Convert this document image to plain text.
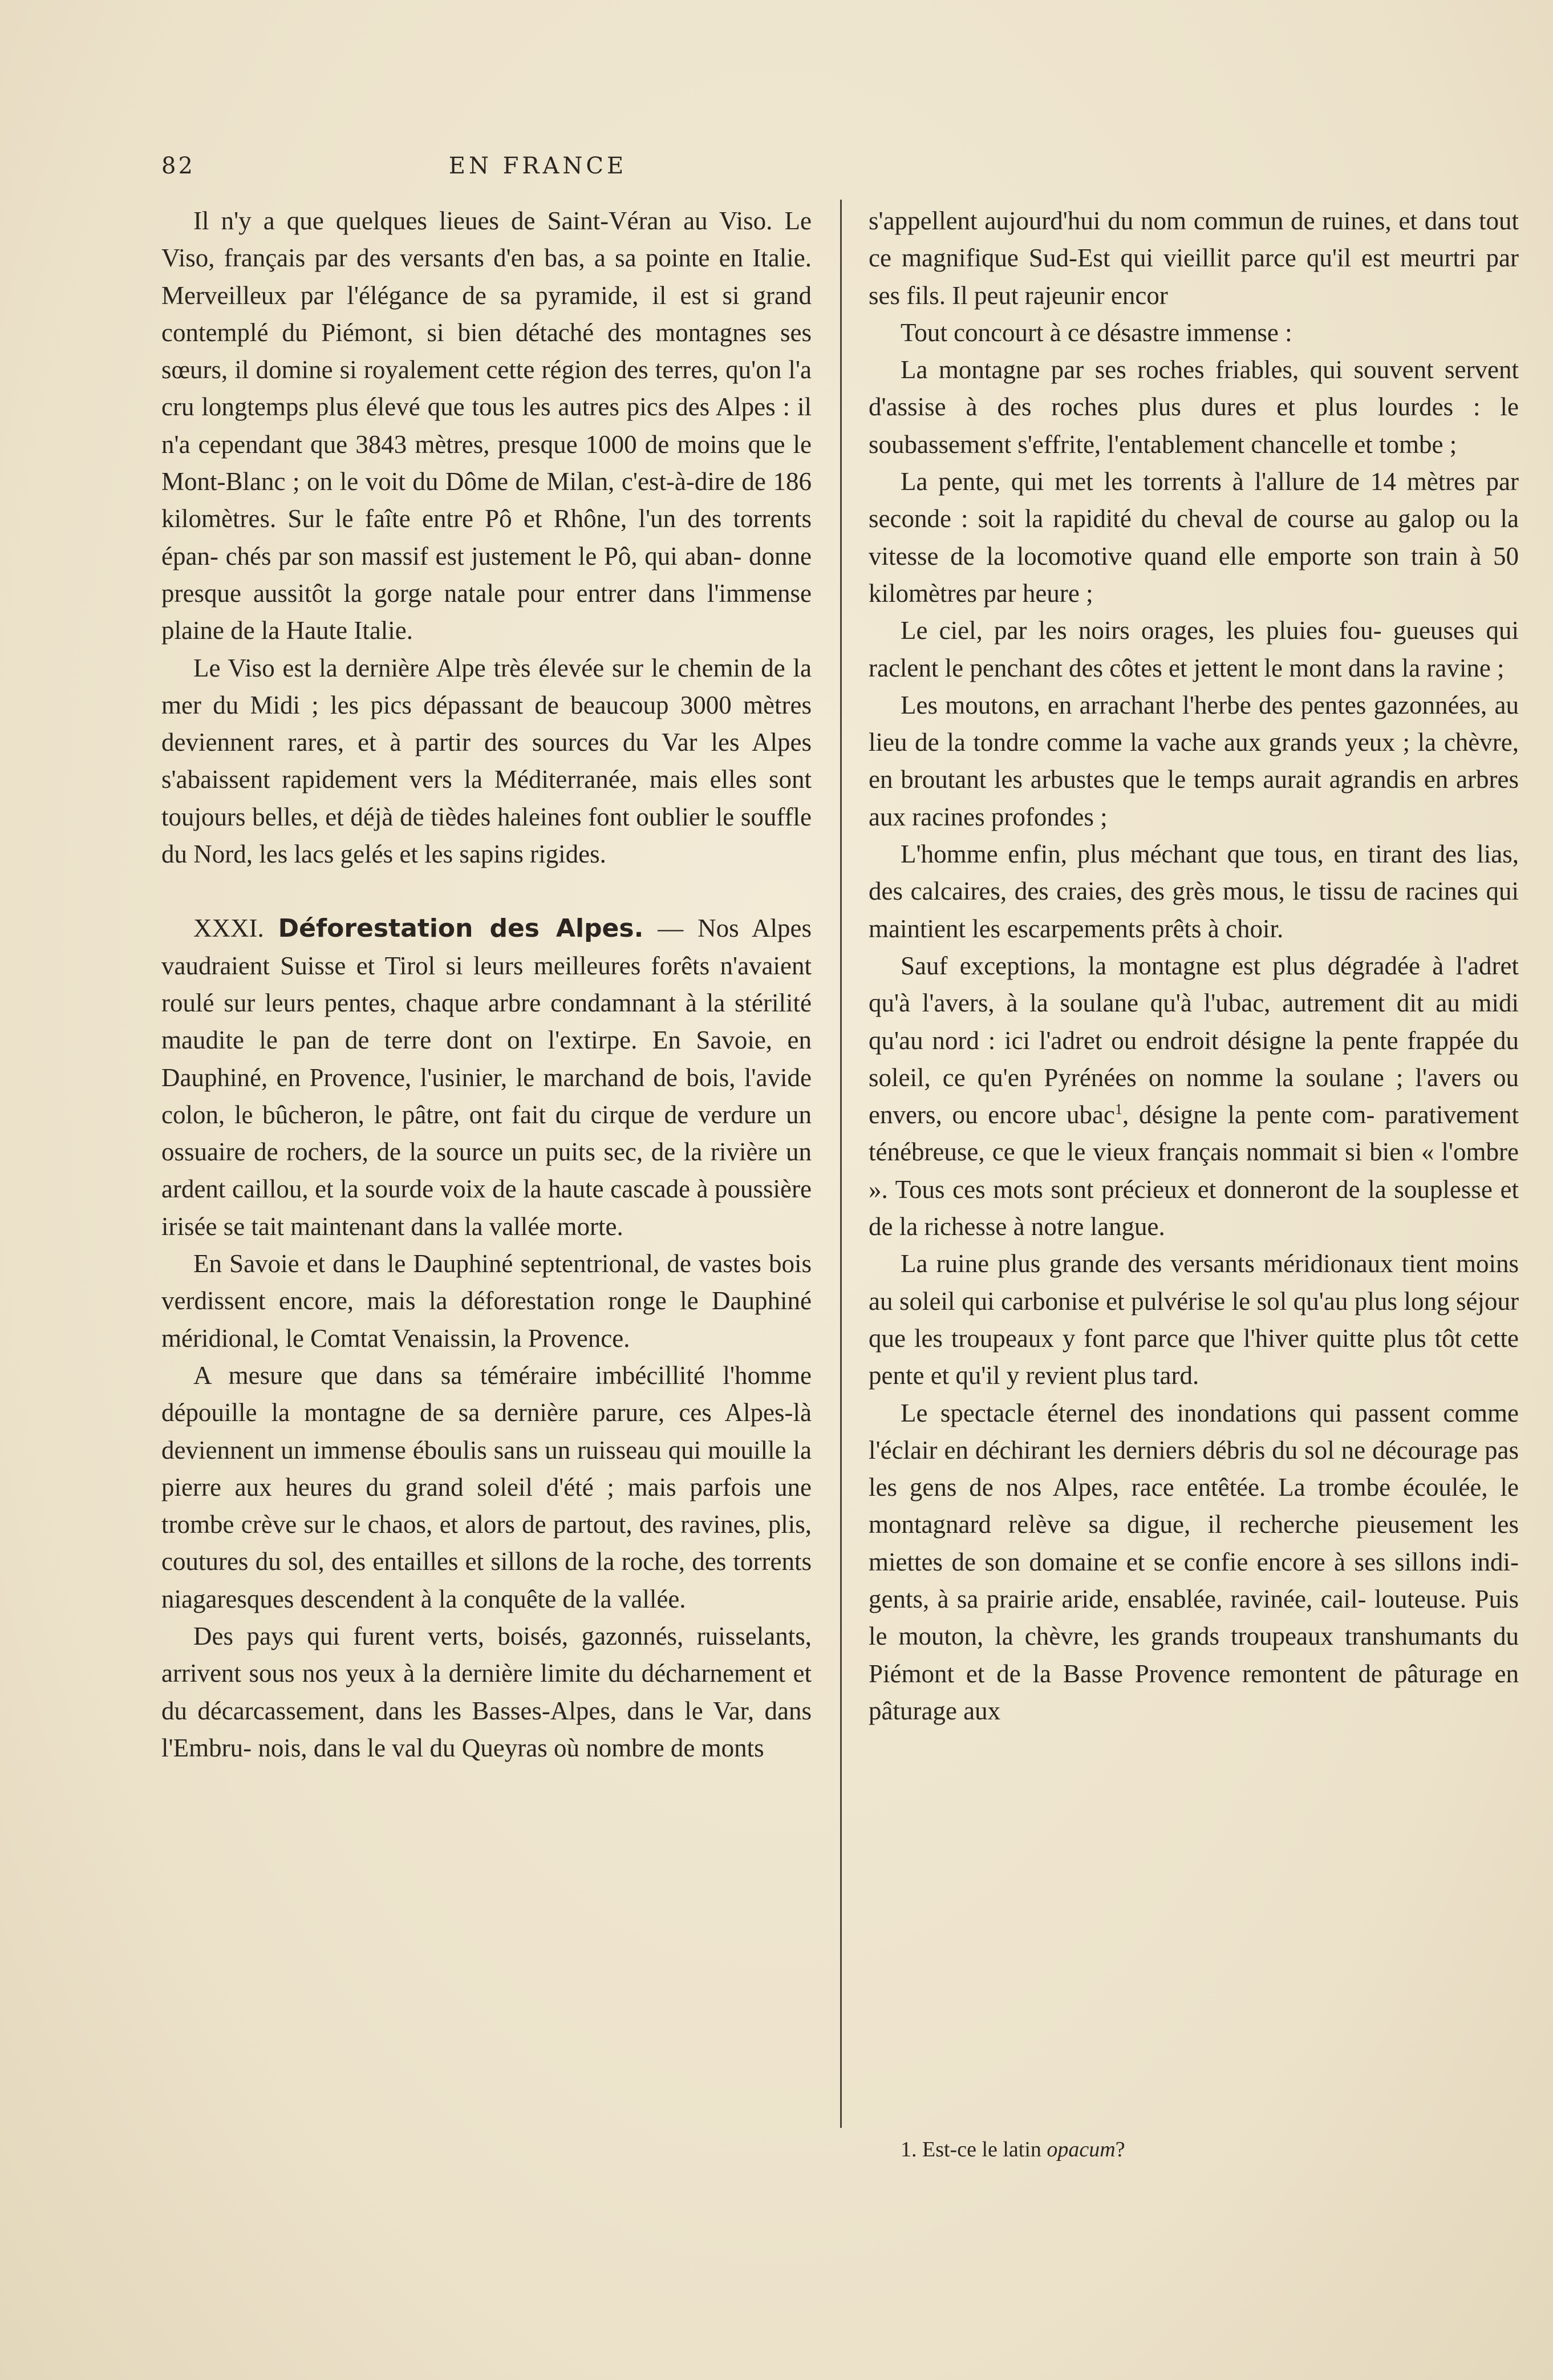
82	EN FRANCE

Il n'y a que quelques lieues de Saint-Véran au Viso. Le Viso, français par des versants d'en bas, a sa pointe en Italie. Merveilleux par l'élégance de sa pyramide, il est si grand contemplé du Piémont, si bien détaché des montagnes ses sœurs, il domine si royalement cette région des terres, qu'on l'a cru longtemps plus élevé que tous les autres pics des Alpes : il n'a cependant que 3843 mètres, presque 1000 de moins que le Mont-Blanc ; on le voit du Dôme de Milan, c'est-à-dire de 186 kilomètres. Sur le faîte entre Pô et Rhône, l'un des torrents épan- chés par son massif est justement le Pô, qui aban- donne presque aussitôt la gorge natale pour entrer dans l'immense plaine de la Haute Italie.

Le Viso est la dernière Alpe très élevée sur le chemin de la mer du Midi ; les pics dépassant de beaucoup 3000 mètres deviennent rares, et à partir des sources du Var les Alpes s'abaissent rapidement vers la Méditerranée, mais elles sont toujours belles, et déjà de tièdes haleines font oublier le souffle du Nord, les lacs gelés et les sapins rigides.

XXXI. Déforestation des Alpes. — Nos Alpes vaudraient Suisse et Tirol si leurs meilleures forêts n'avaient roulé sur leurs pentes, chaque arbre condamnant à la stérilité maudite le pan de terre dont on l'extirpe. En Savoie, en Dauphiné, en Provence, l'usinier, le marchand de bois, l'avide colon, le bûcheron, le pâtre, ont fait du cirque de verdure un ossuaire de rochers, de la source un puits sec, de la rivière un ardent caillou, et la sourde voix de la haute cascade à poussière irisée se tait maintenant dans la vallée morte.

En Savoie et dans le Dauphiné septentrional, de vastes bois verdissent encore, mais la déforestation ronge le Dauphiné méridional, le Comtat Venaissin, la Provence.

A mesure que dans sa téméraire imbécillité l'homme dépouille la montagne de sa dernière parure, ces Alpes-là deviennent un immense éboulis sans un ruisseau qui mouille la pierre aux heures du grand soleil d'été ; mais parfois une trombe crève sur le chaos, et alors de partout, des ravines, plis, coutures du sol, des entailles et sillons de la roche, des torrents niagaresques descendent à la conquête de la vallée.

Des pays qui furent verts, boisés, gazonnés, ruisselants, arrivent sous nos yeux à la dernière limite du décharnement et du décarcassement, dans les Basses-Alpes, dans le Var, dans l'Embru- nois, dans le val du Queyras où nombre de monts

s'appellent aujourd'hui du nom commun de ruines, et dans tout ce magnifique Sud-Est qui vieillit parce qu'il est meurtri par ses fils. Il peut rajeunir encor

Tout concourt à ce désastre immense :

La montagne par ses roches friables, qui souvent servent d'assise à des roches plus dures et plus lourdes : le soubassement s'effrite, l'entablement chancelle et tombe ;

La pente, qui met les torrents à l'allure de 14 mètres par seconde : soit la rapidité du cheval de course au galop ou la vitesse de la locomotive quand elle emporte son train à 50 kilomètres par heure ;

Le ciel, par les noirs orages, les pluies fou- gueuses qui raclent le penchant des côtes et jettent le mont dans la ravine ;

Les moutons, en arrachant l'herbe des pentes gazonnées, au lieu de la tondre comme la vache aux grands yeux ; la chèvre, en broutant les arbustes que le temps aurait agrandis en arbres aux racines profondes ;

L'homme enfin, plus méchant que tous, en tirant des lias, des calcaires, des craies, des grès mous, le tissu de racines qui maintient les escarpements prêts à choir.

Sauf exceptions, la montagne est plus dégradée à l'adret qu'à l'avers, à la soulane qu'à l'ubac, autrement dit au midi qu'au nord : ici l'adret ou endroit désigne la pente frappée du soleil, ce qu'en Pyrénées on nomme la soulane ; l'avers ou envers, ou encore ubac$^1$, désigne la pente com- parativement ténébreuse, ce que le vieux français nommait si bien « l'ombre ». Tous ces mots sont précieux et donneront de la souplesse et de la richesse à notre langue.

La ruine plus grande des versants méridionaux tient moins au soleil qui carbonise et pulvérise le sol qu'au plus long séjour que les troupeaux y font parce que l'hiver quitte plus tôt cette pente et qu'il y revient plus tard.

Le spectacle éternel des inondations qui passent comme l'éclair en déchirant les derniers débris du sol ne décourage pas les gens de nos Alpes, race entêtée. La trombe écoulée, le montagnard relève sa digue, il recherche pieusement les miettes de son domaine et se confie encore à ses sillons indi- gents, à sa prairie aride, ensablée, ravinée, cail- louteuse. Puis le mouton, la chèvre, les grands troupeaux transhumants du Piémont et de la Basse Provence remontent de pâturage en pâturage aux

1. Est-ce le latin opacum?
